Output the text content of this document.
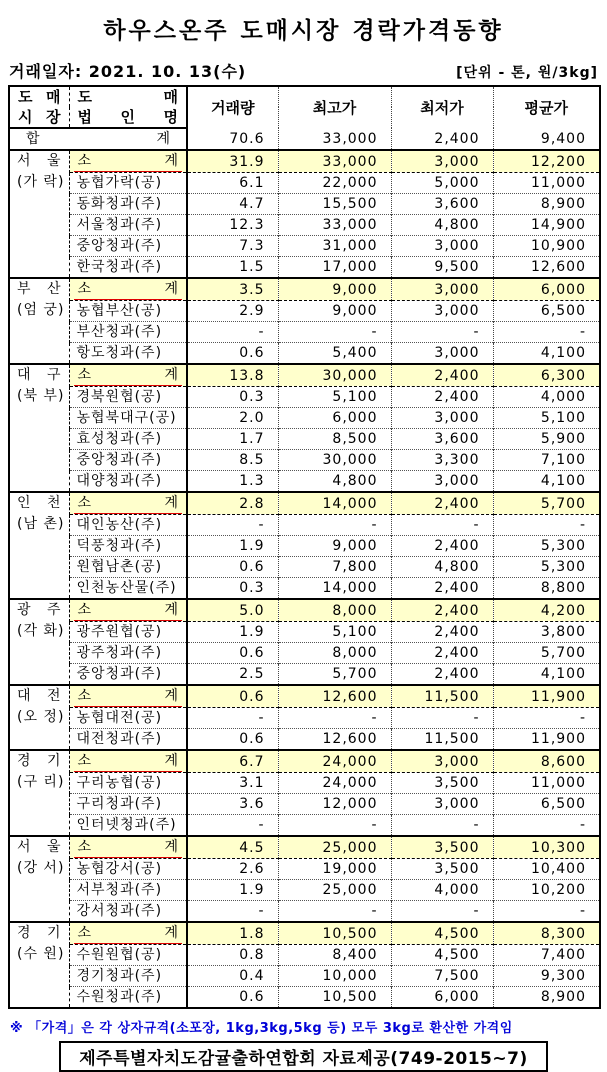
하우스온주 도매시장 경락가격동향
거래일자: 2021. 10. 13(수)	[단위 - 톤, 원/3kg]
도 매	도 매	거래량	최고가	최저가	평균가

시 장	법 인 명				

합 계		70.6	33,000	2,400	9,400

서 울
(가 락)	소 계	31.9	33,000	3,000	12,200
	농협가락(공)	6.1	22,000	5,000	11,000
	동화청과(주)	4.7	15,500	3,600	8,900
	서울청과(주)	12.3	33,000	4,800	14,900
	중앙청과(주)	7.3	31,000	3,000	10,900
	한국청과(주)	1.5	17,000	9,500	12,600

부 산
(엄 궁)	소 계	3.5	9,000	3,000	6,000
	농협부산(공)	2.9	9,000	3,000	6,500
	부산청과(주)	-	-	-	-
	항도청과(주)	0.6	5,400	3,000	4,100

대 구
(북 부)	소 계	13.8	30,000	2,400	6,300
	경북원협(공)	0.3	5,100	2,400	4,000
	농협북대구(공)	2.0	6,000	3,000	5,100
	효성청과(주)	1.7	8,500	3,600	5,900
	중앙청과(주)	8.5	30,000	3,300	7,100
	대양청과(주)	1.3	4,800	3,000	4,100

인 천
(남 촌)	소 계	2.8	14,000	2,400	5,700
	대인농산(주)	-	-	-	-
	덕풍청과(주)	1.9	9,000	2,400	5,300
	원협남촌(공)	0.6	7,800	4,800	5,300
	인천농산물(주)	0.3	14,000	2,400	8,800

광 주
(각 화)	소 계	5.0	8,000	2,400	4,200
	광주원협(공)	1.9	5,100	2,400	3,800
	광주청과(주)	0.6	8,000	2,400	5,700
	중앙청과(주)	2.5	5,700	2,400	4,100

대 전
(오 정)	소 계	0.6	12,600	11,500	11,900
	농협대전(공)	-	-	-	-
	대전청과(주)	0.6	12,600	11,500	11,900

경 기
(구 리)	소 계	6.7	24,000	3,000	8,600
	구리농협(공)	3.1	24,000	3,500	11,000
	구리청과(주)	3.6	12,000	3,000	6,500
	인터넷청과(주)	-	-	-	-

서 울
(강 서)	소 계	4.5	25,000	3,500	10,300
	농협강서(공)	2.6	19,000	3,500	10,400
	서부청과(주)	1.9	25,000	4,000	10,200
	강서청과(주)	-	-	-	-

경 기
(수 원)	소 계	1.8	10,500	4,500	8,300
	수원원협(공)	0.8	8,400	4,500	7,400
	경기청과(주)	0.4	10,000	7,500	9,300
	수원청과(주)	0.6	10,500	6,000	8,900
※ 「가격」은 각 상자규격(소포장, 1kg,3kg,5kg 등) 모두 3kg로 환산한 가격임
제주특별자치도감귤출하연합회 자료제공(749-2015~7)
